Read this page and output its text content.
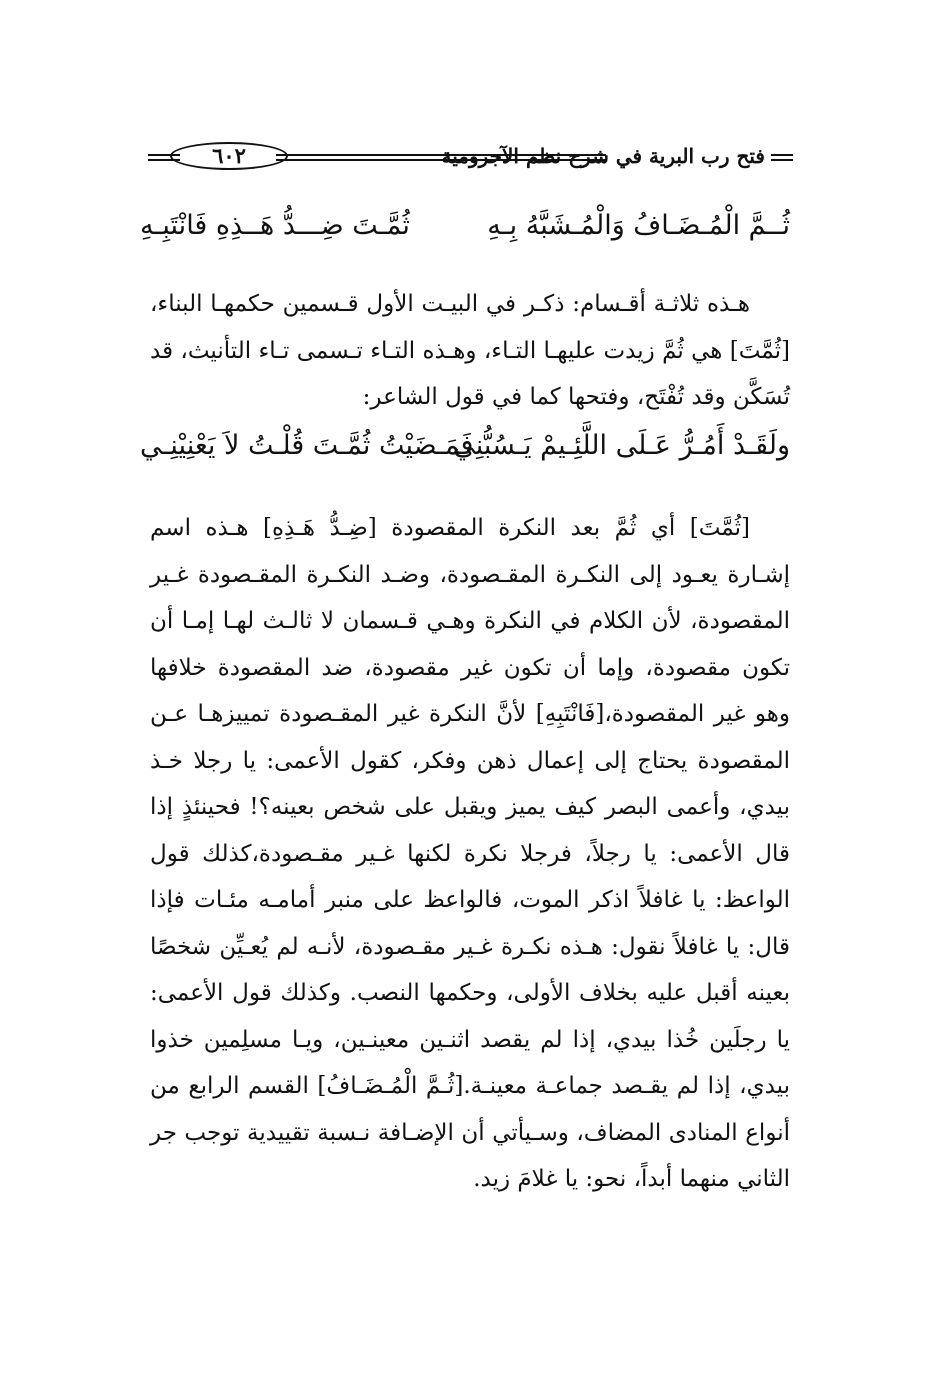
فتح رب البرية في شرح نظم الآجرومية
٦٠٢
ثُــمَّ الْمُـضَـافُ وَالْمُـشَبَّهُ بِـهِ
ثُمَّـتَ ضِـــدُّ هَــذِهِ فَانْتَبِـهِ

هـذه ثلاثـة أقـسام: ذكـر في البيـت الأول قـسمين حكمهـا البناء،[ثُمَّتَ] هي ثُمَّ زيدت عليهـا التـاء، وهـذه التـاء تـسمى تـاء التأنيث، قد تُسَكَّن وقد تُفْتَح، وفتحها كما في قول الشاعر:

ولَقَـدْ أَمُـرُّ عَـلَى اللَّئِـيمْ يَـسُبُّنِي
فَمَـضَيْتُ ثُمَّـتَ قُلْـتُ لاَ يَعْنِيْنِـي

[ثُمَّتَ] أي ثُمَّ بعد النكرة المقصودة [ضِـدُّ هَـذِهِ] هـذه اسم إشـارة يعـود إلى النكـرة المقـصودة، وضـد النكـرة المقـصودة غـير المقصودة، لأن الكلام في النكرة وهـي قـسمان لا ثالـث لهـا إمـا أن تكون مقصودة، وإما أن تكون غير مقصودة، ضد المقصودة خلافها وهو غير المقصودة،[فَانْتَبِهِ] لأنَّ النكرة غير المقـصودة تمييزهـا عـن المقصودة يحتاج إلى إعمال ذهن وفكر، كقول الأعمى: يا رجلا خـذ بيدي، وأعمى البصر كيف يميز ويقبل على شخص بعينه؟! فحينئذٍ إذا قال الأعمى: يا رجلاً، فرجلا نكرة لكنها غـير مقـصودة،كذلك قول الواعظ: يا غافلاً اذكر الموت، فالواعظ على منبر أمامـه مئـات فإذا قال: يا غافلاً نقول: هـذه نكـرة غـير مقـصودة، لأنـه لم يُعـيِّن شخصًا بعينه أقبل عليه بخلاف الأولى، وحكمها النصب. وكذلك قول الأعمى: يا رجلَين خُذا بيدي، إذا لم يقصد اثنـين معينـين، ويـا مسلِمين خذوا بيدي، إذا لم يقـصد جماعـة معينـة.[ثُـمَّ الْمُـضَـافُ] القسم الرابع من أنواع المنادى المضاف، وسـيأتي أن الإضـافة نـسبة تقييدية توجب جر الثاني منهما أبداً، نحو: يا غلامَ زيد.
